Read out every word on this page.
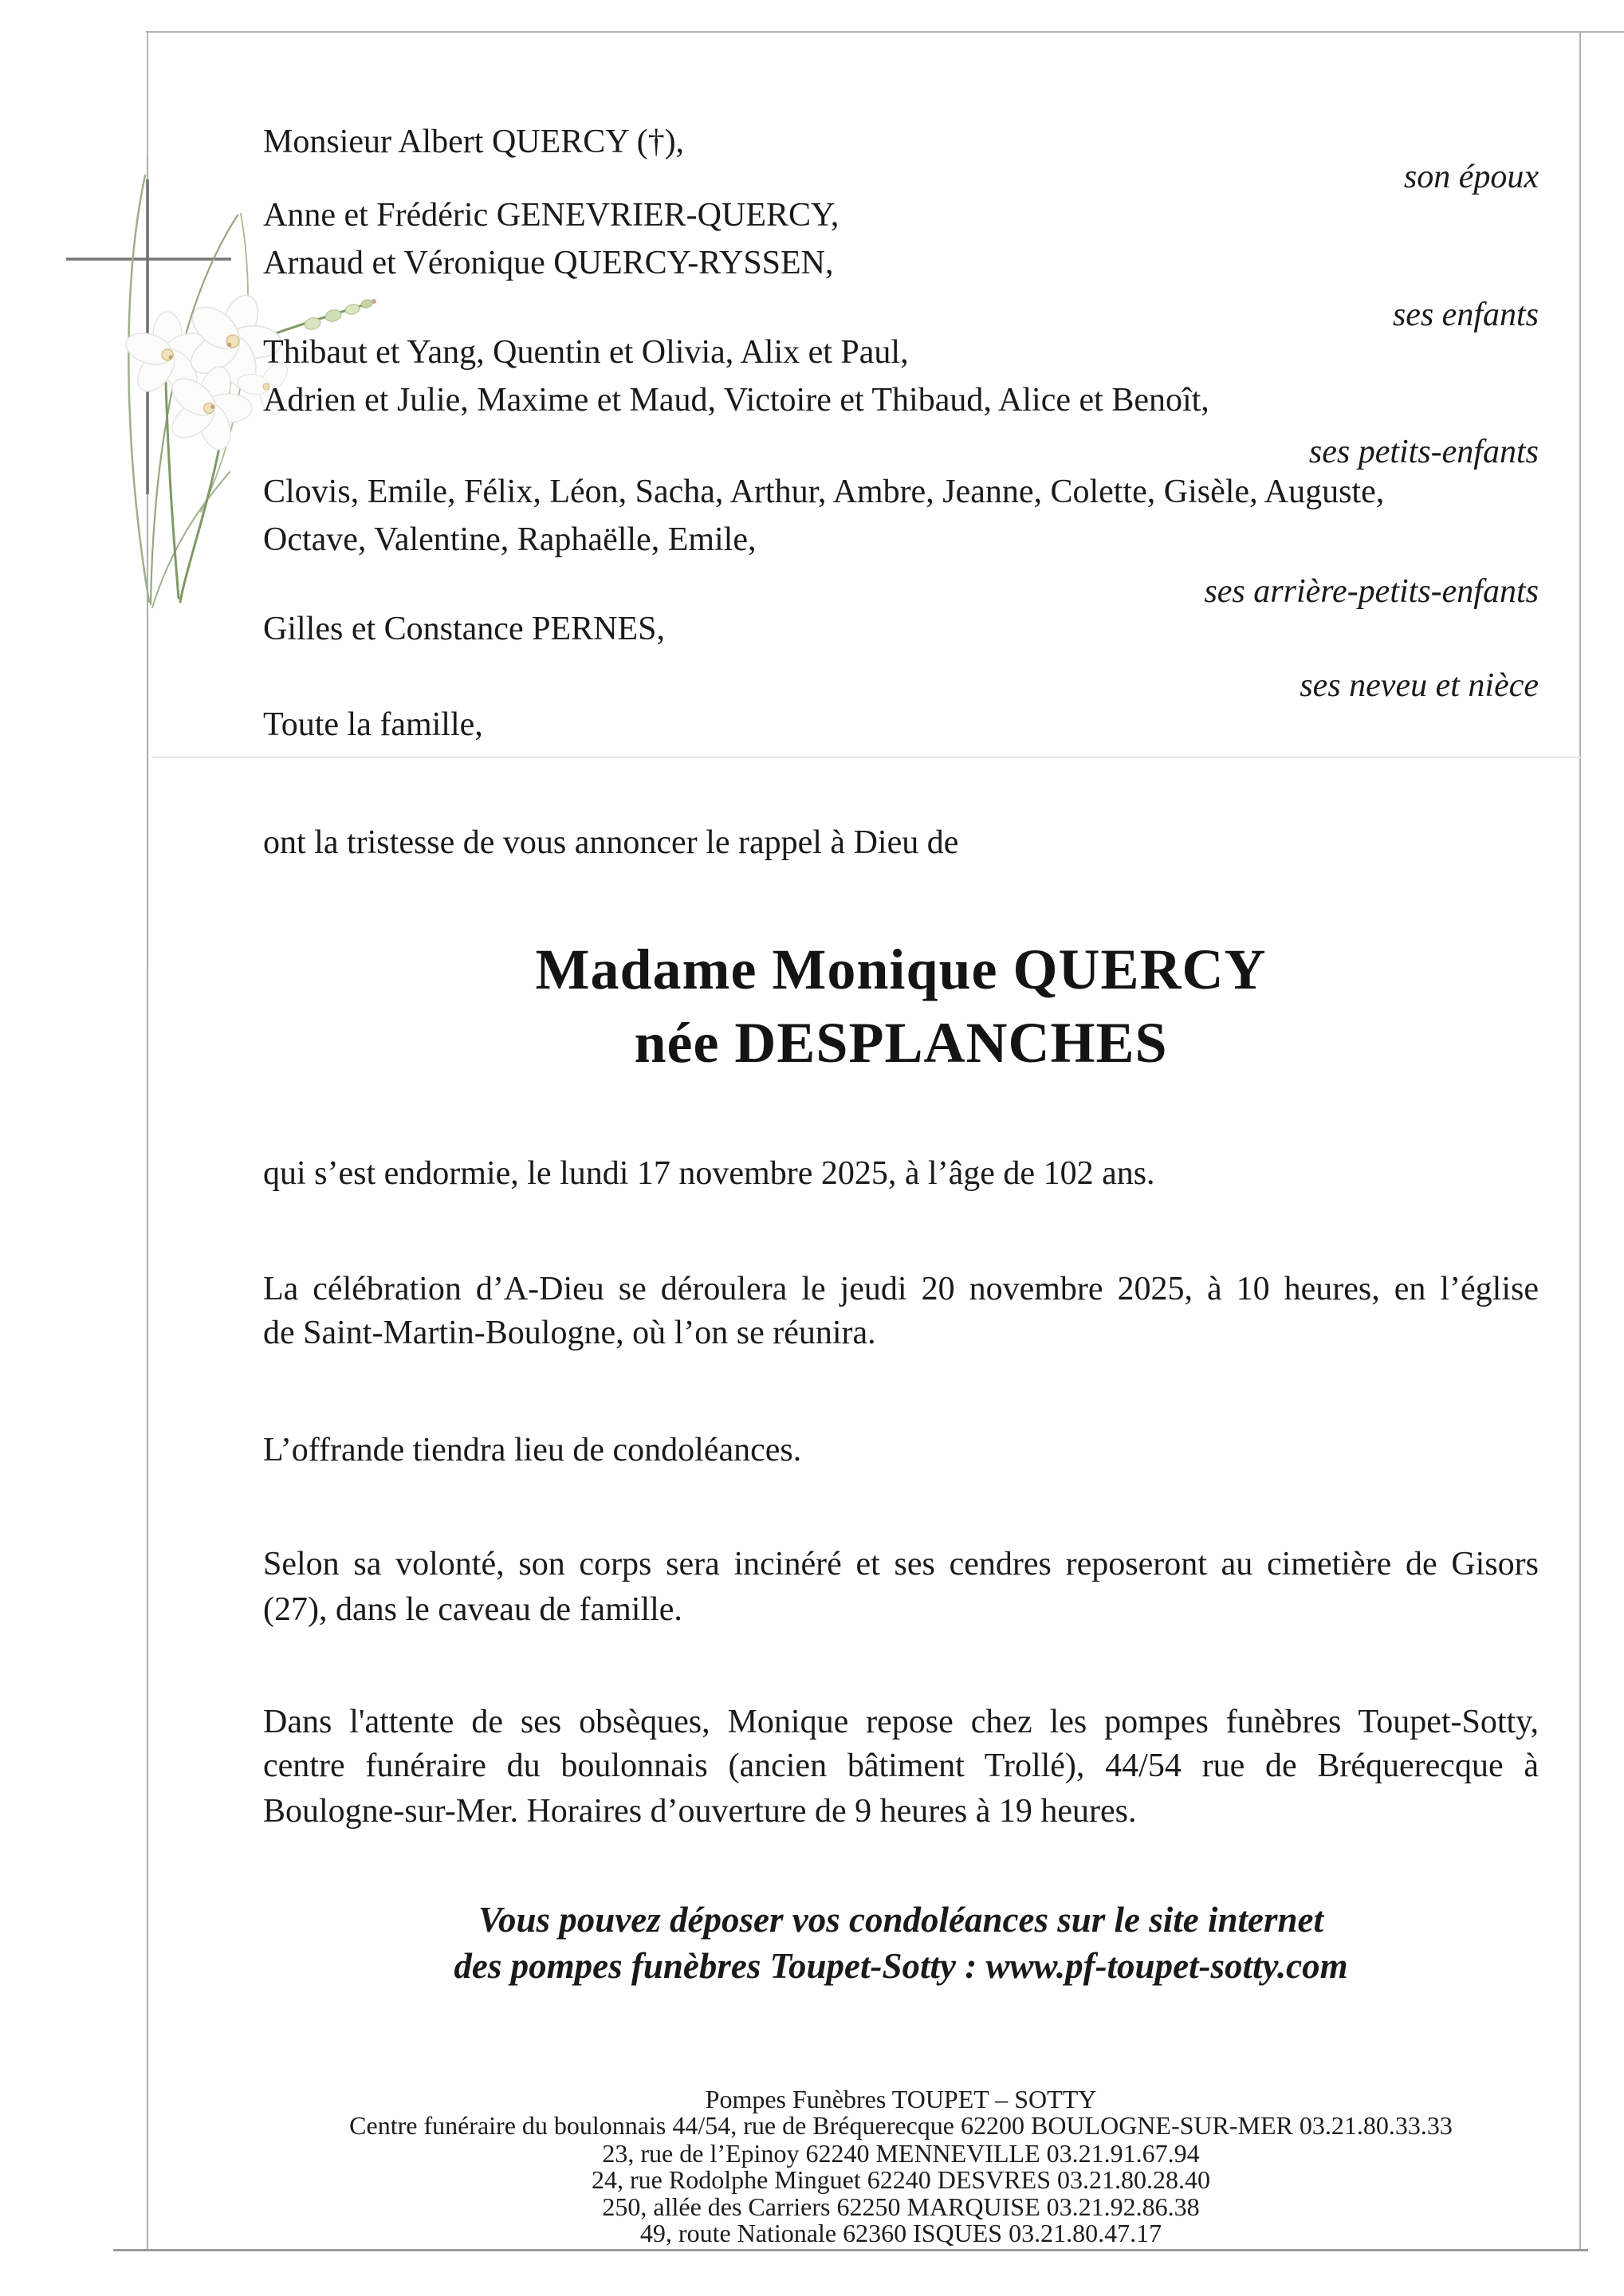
Monsieur Albert QUERCY (†),
son époux
Anne et Frédéric GENEVRIER-QUERCY,
Arnaud et Véronique QUERCY-RYSSEN,
ses enfants
Thibaut et Yang, Quentin et Olivia, Alix et Paul,
Adrien et Julie, Maxime et Maud, Victoire et Thibaud, Alice et Benoît,
ses petits-enfants
Clovis, Emile, Félix, Léon, Sacha, Arthur, Ambre, Jeanne, Colette, Gisèle, Auguste,
Octave, Valentine, Raphaëlle, Emile,
ses arrière-petits-enfants
Gilles et Constance PERNES,
ses neveu et nièce
Toute la famille,
ont la tristesse de vous annoncer le rappel à Dieu de
Madame Monique QUERCY
née DESPLANCHES
qui s’est endormie, le lundi 17 novembre 2025, à l’âge de 102 ans.
La célébration d’A-Dieu se déroulera le jeudi 20 novembre 2025, à 10 heures, en l’église
de Saint-Martin-Boulogne, où l’on se réunira.
L’offrande tiendra lieu de condoléances.
Selon sa volonté, son corps sera incinéré et ses cendres reposeront au cimetière de Gisors
(27), dans le caveau de famille.
Dans l'attente de ses obsèques, Monique repose chez les pompes funèbres Toupet-Sotty,
centre funéraire du boulonnais (ancien bâtiment Trollé), 44/54 rue de Bréquerecque à
Boulogne-sur-Mer. Horaires d’ouverture de 9 heures à 19 heures.
Vous pouvez déposer vos condoléances sur le site internet
des pompes funèbres Toupet-Sotty : www.pf-toupet-sotty.com
Pompes Funèbres TOUPET – SOTTY
Centre funéraire du boulonnais 44/54, rue de Bréquerecque 62200 BOULOGNE-SUR-MER 03.21.80.33.33
23, rue de l’Epinoy 62240 MENNEVILLE 03.21.91.67.94
24, rue Rodolphe Minguet 62240 DESVRES 03.21.80.28.40
250, allée des Carriers 62250 MARQUISE 03.21.92.86.38
49, route Nationale 62360 ISQUES 03.21.80.47.17
